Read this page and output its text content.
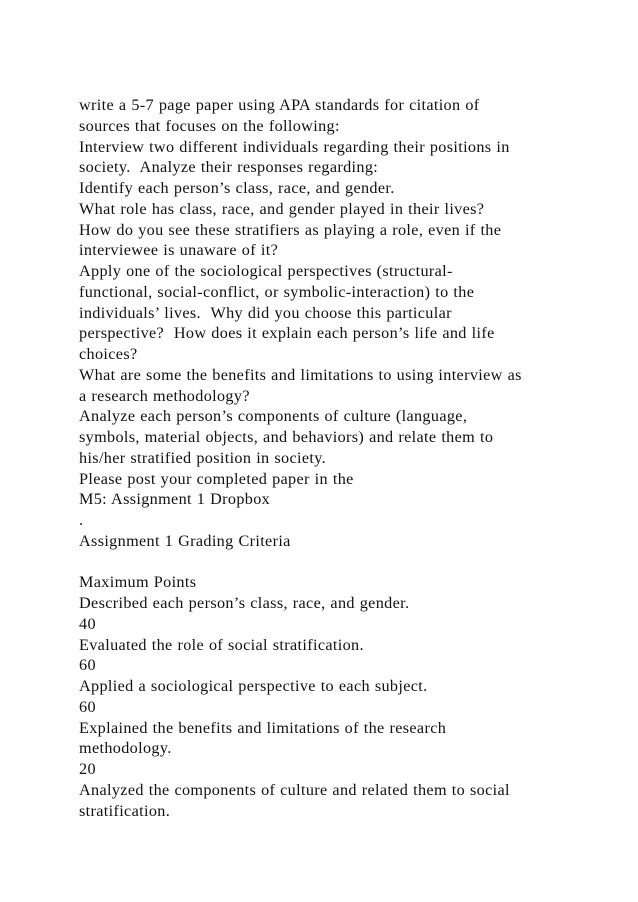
write a 5-7 page paper using APA standards for citation of
sources that focuses on the following:
Interview two different individuals regarding their positions in
society.  Analyze their responses regarding:
Identify each person’s class, race, and gender.
What role has class, race, and gender played in their lives?
How do you see these stratifiers as playing a role, even if the
interviewee is unaware of it?
Apply one of the sociological perspectives (structural-
functional, social-conflict, or symbolic-interaction) to the
individuals’ lives.  Why did you choose this particular
perspective?  How does it explain each person’s life and life
choices?
What are some the benefits and limitations to using interview as
a research methodology?
Analyze each person’s components of culture (language,
symbols, material objects, and behaviors) and relate them to
his/her stratified position in society.
Please post your completed paper in the
M5: Assignment 1 Dropbox
.
Assignment 1 Grading Criteria
Maximum Points
Described each person’s class, race, and gender.
40
Evaluated the role of social stratification.
60
Applied a sociological perspective to each subject.
60
Explained the benefits and limitations of the research
methodology.
20
Analyzed the components of culture and related them to social
stratification.
